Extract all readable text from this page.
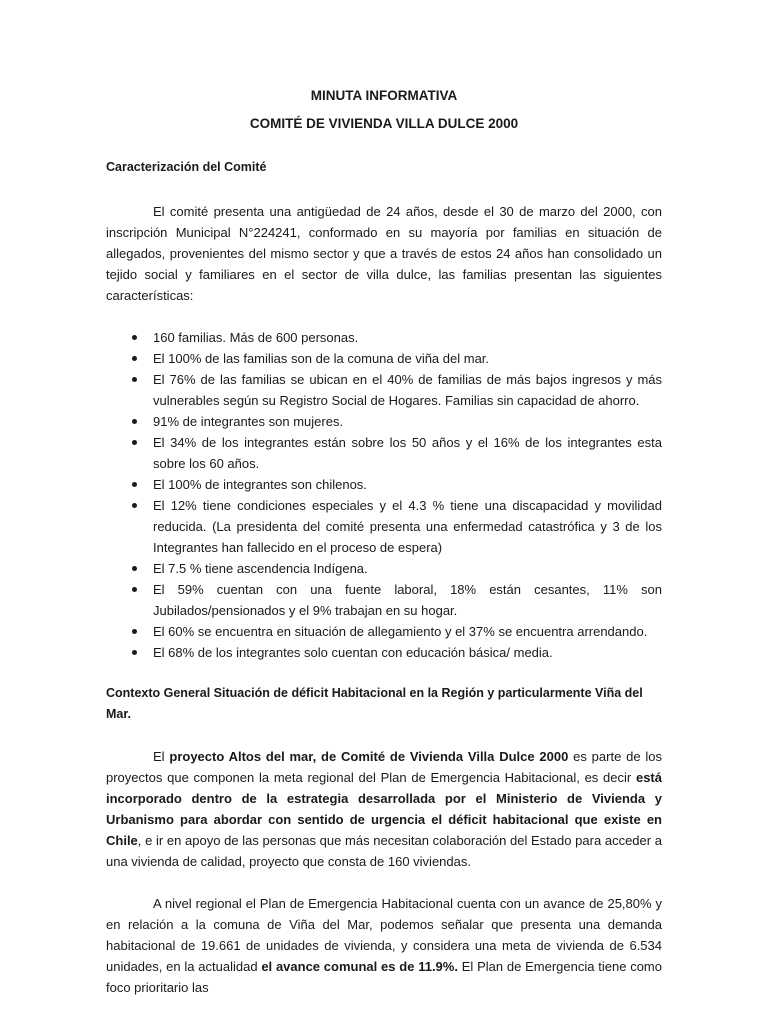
MINUTA INFORMATIVA

COMITÉ DE VIVIENDA VILLA DULCE 2000

Caracterización del Comité

El comité presenta una antigüedad de 24 años, desde el 30 de marzo del 2000, con inscripción Municipal N°224241, conformado en su mayoría por familias en situación de allegados, provenientes del mismo sector y que a través de estos 24 años han consolidado un tejido social y familiares en el sector de villa dulce, las familias presentan las siguientes características:

160 familias. Más de 600 personas.
El 100% de las familias son de la comuna de viña del mar.
El 76% de las familias se ubican en el 40% de familias de más bajos ingresos y más vulnerables según su Registro Social de Hogares. Familias sin capacidad de ahorro.
91% de integrantes son mujeres.
El 34% de los integrantes están sobre los 50 años y el 16% de los integrantes esta sobre los 60 años.
El 100% de integrantes son chilenos.
El 12% tiene condiciones especiales y el 4.3 % tiene una discapacidad y movilidad reducida. (La presidenta del comité presenta una enfermedad catastrófica y 3 de los Integrantes han fallecido en el proceso de espera)
El 7.5 % tiene ascendencia Indígena.
El 59% cuentan con una fuente laboral, 18% están cesantes, 11% son Jubilados/pensionados y el 9% trabajan en su hogar.
El 60% se encuentra en situación de allegamiento y el 37% se encuentra arrendando.
El 68% de los integrantes solo cuentan con educación básica/ media.

Contexto General Situación de déficit Habitacional en la Región y particularmente Viña del Mar.

El proyecto Altos del mar, de Comité de Vivienda Villa Dulce 2000 es parte de los proyectos que componen la meta regional del Plan de Emergencia Habitacional, es decir está incorporado dentro de la estrategia desarrollada por el Ministerio de Vivienda y Urbanismo para abordar con sentido de urgencia el déficit habitacional que existe en Chile, e ir en apoyo de las personas que más necesitan colaboración del Estado para acceder a una vivienda de calidad, proyecto que consta de 160 viviendas.

A nivel regional el Plan de Emergencia Habitacional cuenta con un avance de 25,80% y en relación a la comuna de Viña del Mar, podemos señalar que presenta una demanda habitacional de 19.661 de unidades de vivienda, y considera una meta de vivienda de 6.534 unidades, en la actualidad el avance comunal es de 11.9%. El Plan de Emergencia tiene como foco prioritario las
